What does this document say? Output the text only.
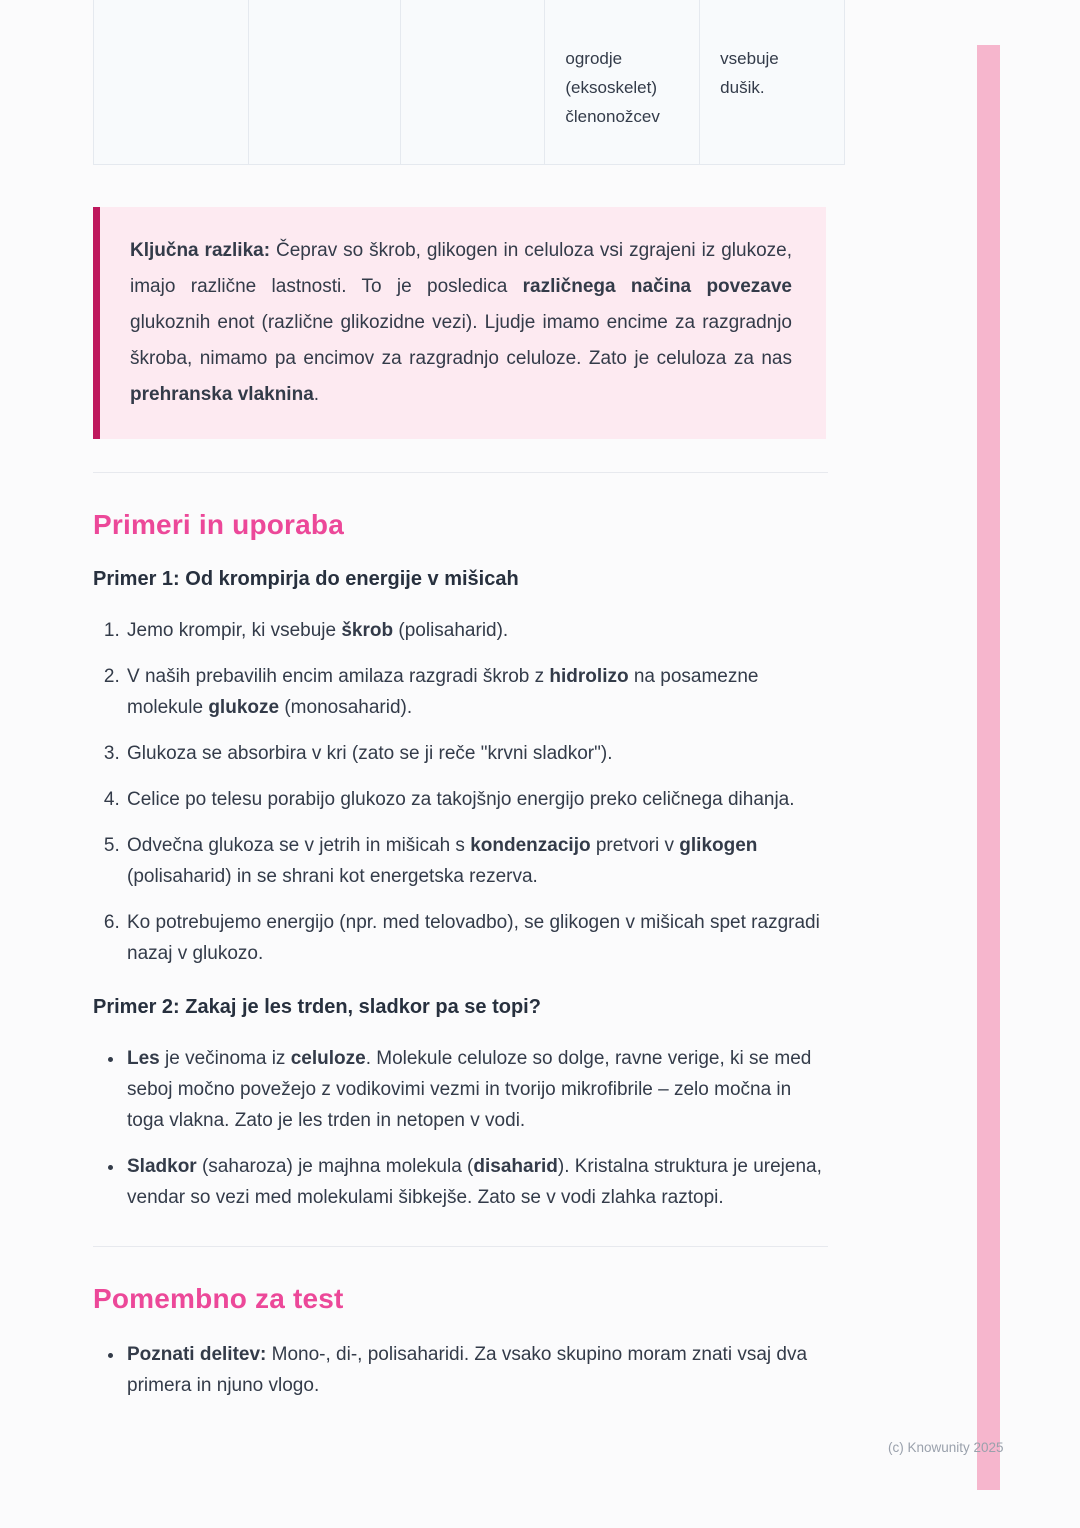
ogrodje (eksoskelet) členonožcev
vsebuje dušik.

Ključna razlika: Čeprav so škrob, glikogen in celuloza vsi zgrajeni iz glukoze, imajo različne lastnosti. To je posledica različnega načina povezave glukoznih enot (različne glikozidne vezi). Ljudje imamo encime za razgradnjo škroba, nimamo pa encimov za razgradnjo celuloze. Zato je celuloza za nas prehranska vlaknina.

Primeri in uporaba
Primer 1: Od krompirja do energije v mišicah
1. Jemo krompir, ki vsebuje škrob (polisaharid).
2. V naših prebavilih encim amilaza razgradi škrob z hidrolizo na posamezne molekule glukoze (monosaharid).
3. Glukoza se absorbira v kri (zato se ji reče "krvni sladkor").
4. Celice po telesu porabijo glukozo za takojšnjo energijo preko celičnega dihanja.
5. Odvečna glukoza se v jetrih in mišicah s kondenzacijo pretvori v glikogen (polisaharid) in se shrani kot energetska rezerva.
6. Ko potrebujemo energijo (npr. med telovadbo), se glikogen v mišicah spet razgradi nazaj v glukozo.
Primer 2: Zakaj je les trden, sladkor pa se topi?
• Les je večinoma iz celuloze. Molekule celuloze so dolge, ravne verige, ki se med seboj močno povežejo z vodikovimi vezmi in tvorijo mikrofibrile – zelo močna in toga vlakna. Zato je les trden in netopen v vodi.
• Sladkor (saharoza) je majhna molekula (disaharid). Kristalna struktura je urejena, vendar so vezi med molekulami šibkejše. Zato se v vodi zlahka raztopi.
Pomembno za test
• Poznati delitev: Mono-, di-, polisaharidi. Za vsako skupino moram znati vsaj dva primera in njuno vlogo.
(c) Knowunity 2025
